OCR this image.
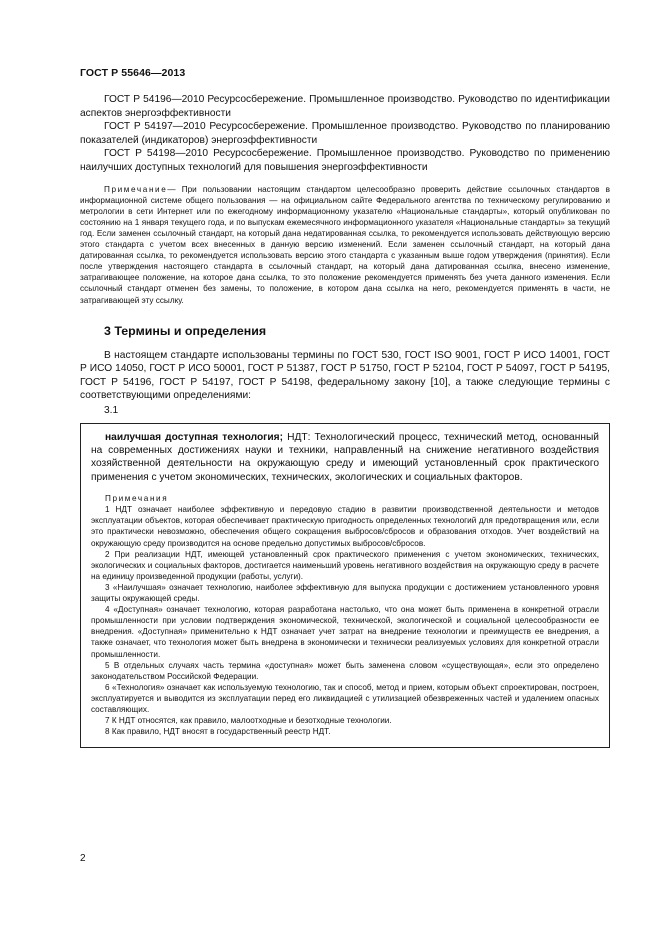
ГОСТ Р 55646—2013

ГОСТ Р 54196—2010 Ресурсосбережение. Промышленное производство. Руководство по идентификации аспектов энергоэффективности

ГОСТ Р 54197—2010 Ресурсосбережение. Промышленное производство. Руководство по планированию показателей (индикаторов) энергоэффективности

ГОСТ Р 54198—2010 Ресурсосбережение. Промышленное производство. Руководство по применению наилучших доступных технологий для повышения энергоэффективности

Примечание— При пользовании настоящим стандартом целесообразно проверить действие ссылочных стандартов в информационной системе общего пользования — на официальном сайте Федерального агентства по техническому регулированию и метрологии в сети Интернет или по ежегодному информационному указателю «Национальные стандарты», который опубликован по состоянию на 1 января текущего года, и по выпускам ежемесячного информационного указателя «Национальные стандарты» за текущий год. Если заменен ссылочный стандарт, на который дана недатированная ссылка, то рекомендуется использовать действующую версию этого стандарта с учетом всех внесенных в данную версию изменений. Если заменен ссылочный стандарт, на который дана датированная ссылка, то рекомендуется использовать версию этого стандарта с указанным выше годом утверждения (принятия). Если после утверждения настоящего стандарта в ссылочный стандарт, на который дана датированная ссылка, внесено изменение, затрагивающее положение, на которое дана ссылка, то это положение рекомендуется применять без учета данного изменения. Если ссылочный стандарт отменен без замены, то положение, в котором дана ссылка на него, рекомендуется применять в части, не затрагивающей эту ссылку.

3 Термины и определения

В настоящем стандарте использованы термины по ГОСТ 530, ГОСТ ISO 9001, ГОСТ Р ИСО 14001, ГОСТ Р ИСО 14050, ГОСТ Р ИСО 50001, ГОСТ Р 51387, ГОСТ Р 51750, ГОСТ Р 52104, ГОСТ Р 54097, ГОСТ Р 54195, ГОСТ Р 54196, ГОСТ Р 54197, ГОСТ Р 54198, федеральному закону [10], а также следующие термины с соответствующими определениями:

3.1

наилучшая доступная технология; НДТ: Технологический процесс, технический метод, основанный на современных достижениях науки и техники, направленный на снижение негативного воздействия хозяйственной деятельности на окружающую среду и имеющий установленный срок практического применения с учетом экономических, технических, экологических и социальных факторов.

Примечания

1 НДТ означает наиболее эффективную и передовую стадию в развитии производственной деятельности и методов эксплуатации объектов, которая обеспечивает практическую пригодность определенных технологий для предотвращения или, если это практически невозможно, обеспечения общего сокращения выбросов/сбросов и образования отходов. Учет воздействий на окружающую среду производится на основе предельно допустимых выбросов/сбросов.

2 При реализации НДТ, имеющей установленный срок практического применения с учетом экономических, технических, экологических и социальных факторов, достигается наименьший уровень негативного воздействия на окружающую среду в расчете на единицу произведенной продукции (работы, услуги).

3 «Наилучшая» означает технологию, наиболее эффективную для выпуска продукции с достижением установленного уровня защиты окружающей среды.

4 «Доступная» означает технологию, которая разработана настолько, что она может быть применена в конкретной отрасли промышленности при условии подтверждения экономической, технической, экологической и социальной целесообразности ее внедрения. «Доступная» применительно к НДТ означает учет затрат на внедрение технологии и преимуществ ее внедрения, а также означает, что технология может быть внедрена в экономически и технически реализуемых условиях для конкретной отрасли промышленности.

5 В отдельных случаях часть термина «доступная» может быть заменена словом «существующая», если это определено законодательством Российской Федерации.

6 «Технология» означает как используемую технологию, так и способ, метод и прием, которым объект спроектирован, построен, эксплуатируется и выводится из эксплуатации перед его ликвидацией с утилизацией обезвреженных частей и удалением опасных составляющих.

7 К НДТ относятся, как правило, малоотходные и безотходные технологии.

8 Как правило, НДТ вносят в государственный реестр НДТ.

2
